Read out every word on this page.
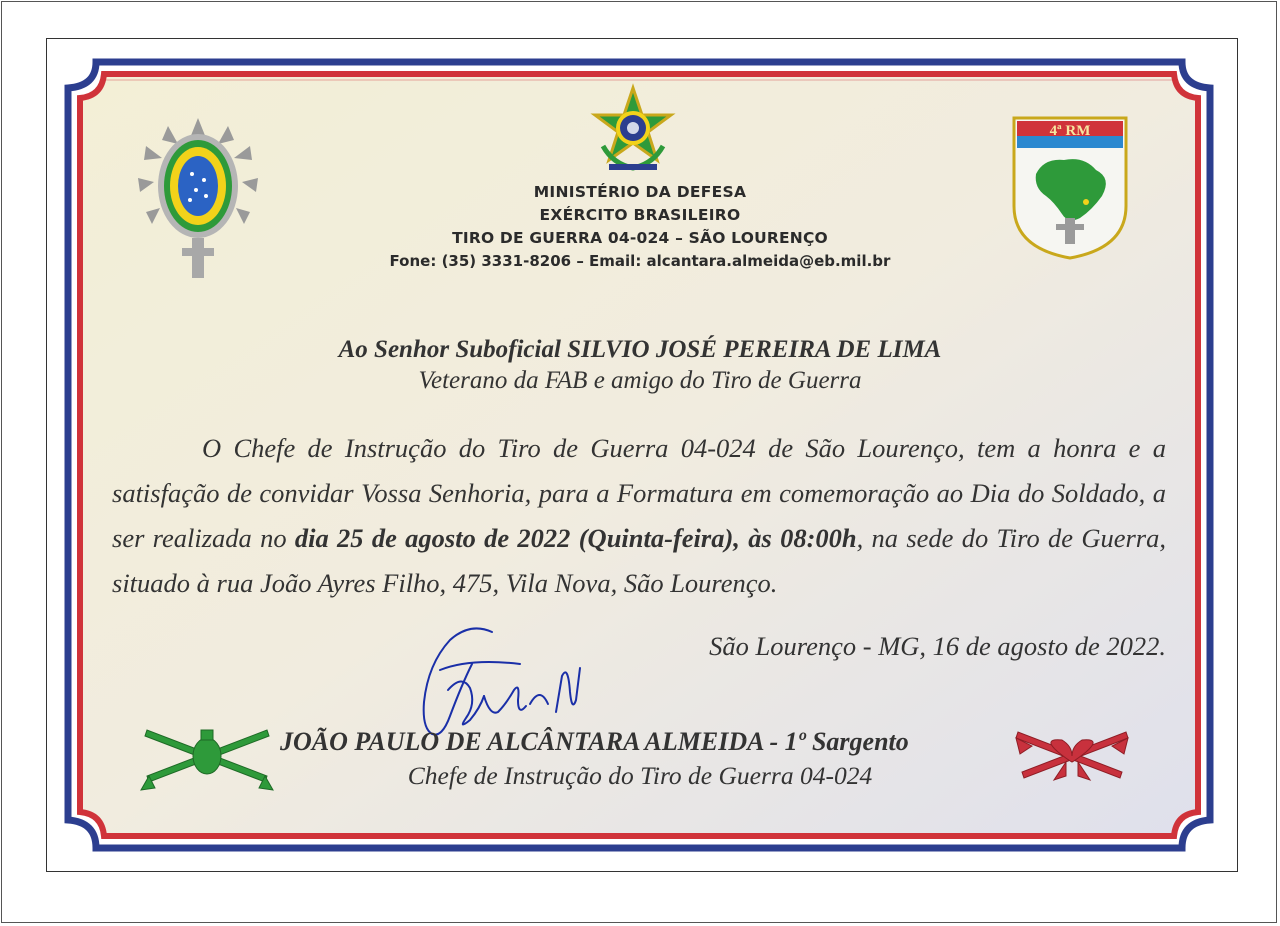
4ª RM
MINISTÉRIO DA DEFESA
EXÉRCITO BRASILEIRO
TIRO DE GUERRA 04-024 – SÃO LOURENÇO
Fone: (35) 3331-8206 – Email: alcantara.almeida@eb.mil.br
Ao Senhor Suboficial SILVIO JOSÉ PEREIRA DE LIMA
Veterano da FAB e amigo do Tiro de Guerra
O Chefe de Instrução do Tiro de Guerra 04-024 de São Lourenço, tem a honra e a satisfação de convidar Vossa Senhoria, para a Formatura em comemoração ao Dia do Soldado, a ser realizada no dia 25 de agosto de 2022 (Quinta-feira), às 08:00h, na sede do Tiro de Guerra, situado à rua João Ayres Filho, 475, Vila Nova, São Lourenço.
São Lourenço - MG, 16 de agosto de 2022.
JOÃO PAULO DE ALCÂNTARA ALMEIDA - 1º Sargento
Chefe de Instrução do Tiro de Guerra 04-024
